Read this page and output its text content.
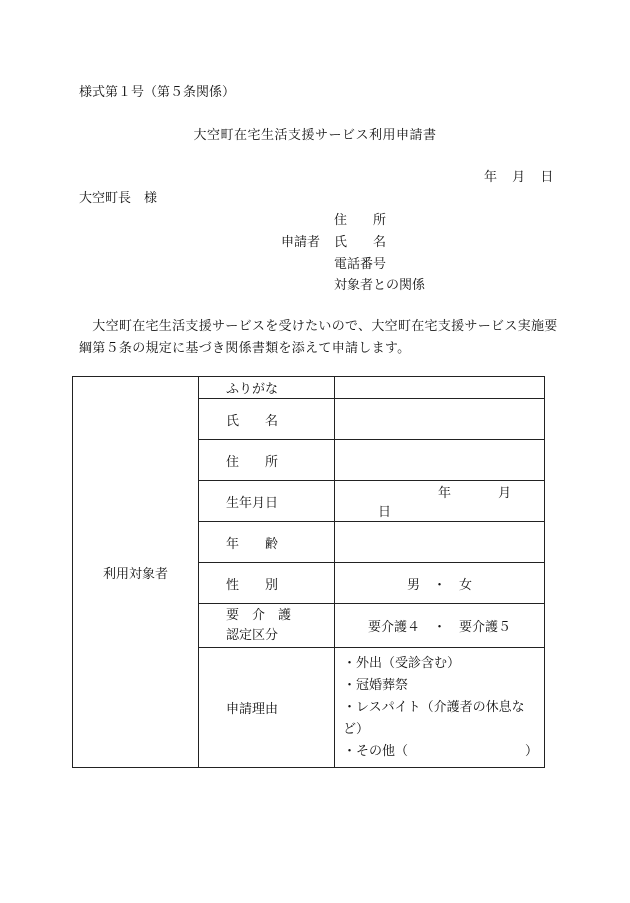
様式第１号（第５条関係）
大空町在宅生活支援サービス利用申請書
年 月 日
大空町長　様
申請者
住　　所
氏　　名
電話番号
対象者との関係
　大空町在宅生活支援サービスを受けたいので、大空町在宅支援サービス実施要綱第５条の規定に基づき関係書類を添えて申請します。
利用対象者	ふりがな	
	氏　　名	
	住　　所	
	生年月日	年 月 日
	年　　齢	
	性　　別	男　・　女

	要　介　護
認定区分	要介護４　・　要介護５
	申請理由	・外出（受診含む）
・冠婚葬祭
・レスパイト（介護者の休息など）
・その他（　　　　　　　　　）
